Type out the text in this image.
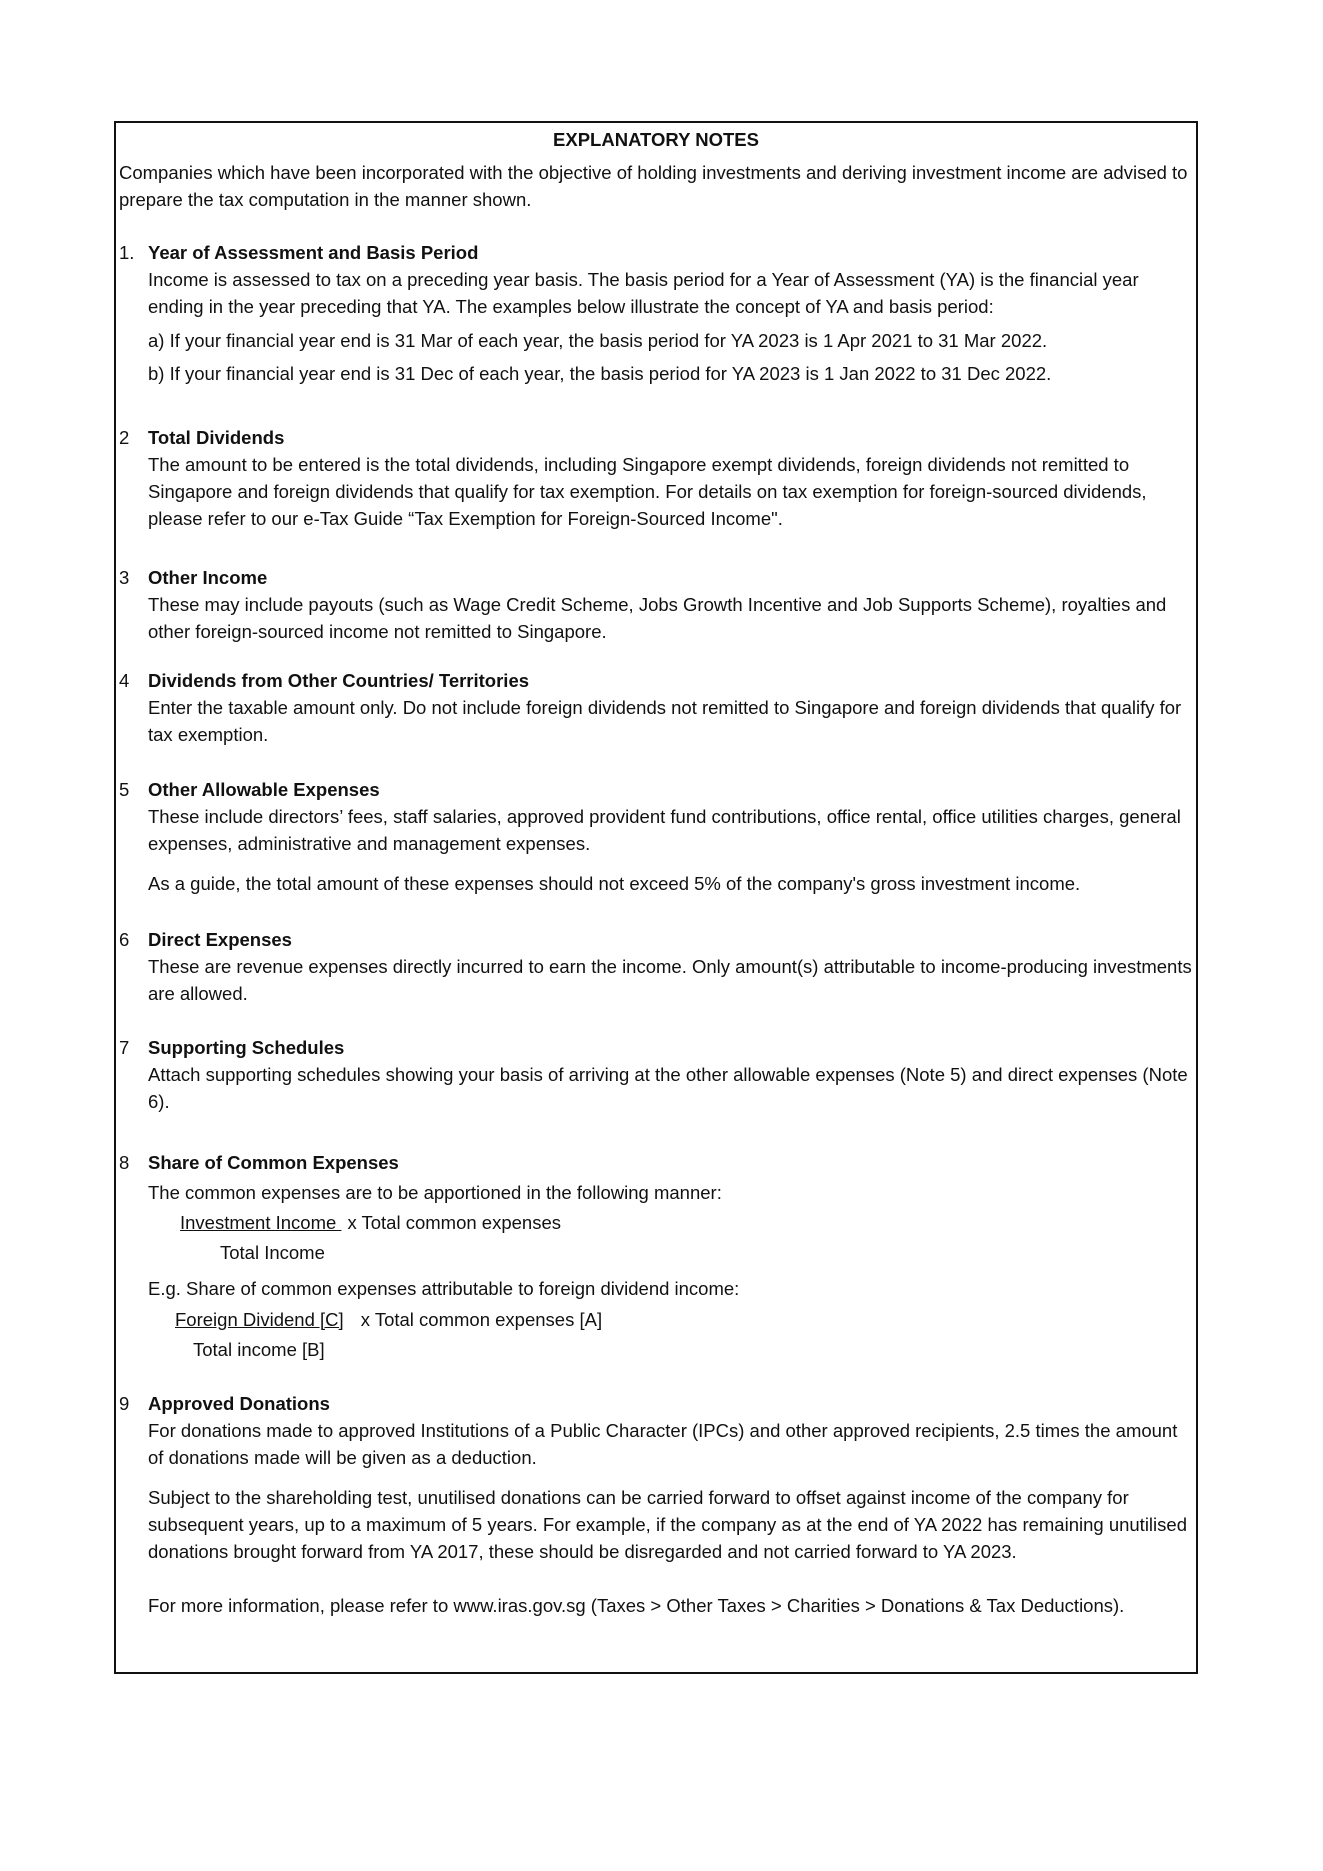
EXPLANATORY NOTES
Companies which have been incorporated with the objective of holding investments and deriving investment income are advised to prepare the tax computation in the manner shown.
1. Year of Assessment and Basis Period

Income is assessed to tax on a preceding year basis. The basis period for a Year of Assessment (YA) is the financial year ending in the year preceding that YA. The examples below illustrate the concept of YA and basis period:

a) If your financial year end is 31 Mar of each year, the basis period for YA 2023 is 1 Apr 2021 to 31 Mar 2022.

b) If your financial year end is 31 Dec of each year, the basis period for YA 2023 is 1 Jan 2022 to 31 Dec 2022.

2 Total Dividends

The amount to be entered is the total dividends, including Singapore exempt dividends, foreign dividends not remitted to Singapore and foreign dividends that qualify for tax exemption. For details on tax exemption for foreign-sourced dividends, please refer to our e-Tax Guide “Tax Exemption for Foreign-Sourced Income".

3 Other Income

These may include payouts (such as Wage Credit Scheme, Jobs Growth Incentive and Job Supports Scheme), royalties and other foreign-sourced income not remitted to Singapore.

4 Dividends from Other Countries/ Territories

Enter the taxable amount only. Do not include foreign dividends not remitted to Singapore and foreign dividends that qualify for tax exemption.

5 Other Allowable Expenses

These include directors’ fees, staff salaries, approved provident fund contributions, office rental, office utilities charges, general expenses, administrative and management expenses.

As a guide, the total amount of these expenses should not exceed 5% of the company's gross investment income.

6 Direct Expenses

These are revenue expenses directly incurred to earn the income. Only amount(s) attributable to income-producing investments are allowed.

7 Supporting Schedules

Attach supporting schedules showing your basis of arriving at the other allowable expenses (Note 5) and direct expenses (Note 6).

8 Share of Common Expenses

The common expenses are to be apportioned in the following manner:

Investment Income x Total common expenses
Total Income

E.g. Share of common expenses attributable to foreign dividend income:

Foreign Dividend [C] x Total common expenses [A]
Total income [B]
9 Approved Donations

For donations made to approved Institutions of a Public Character (IPCs) and other approved recipients, 2.5 times the amount of donations made will be given as a deduction.

Subject to the shareholding test, unutilised donations can be carried forward to offset against income of the company for subsequent years, up to a maximum of 5 years. For example, if the company as at the end of YA 2022 has remaining unutilised donations brought forward from YA 2017, these should be disregarded and not carried forward to YA 2023.

For more information, please refer to www.iras.gov.sg (Taxes > Other Taxes > Charities > Donations & Tax Deductions).
